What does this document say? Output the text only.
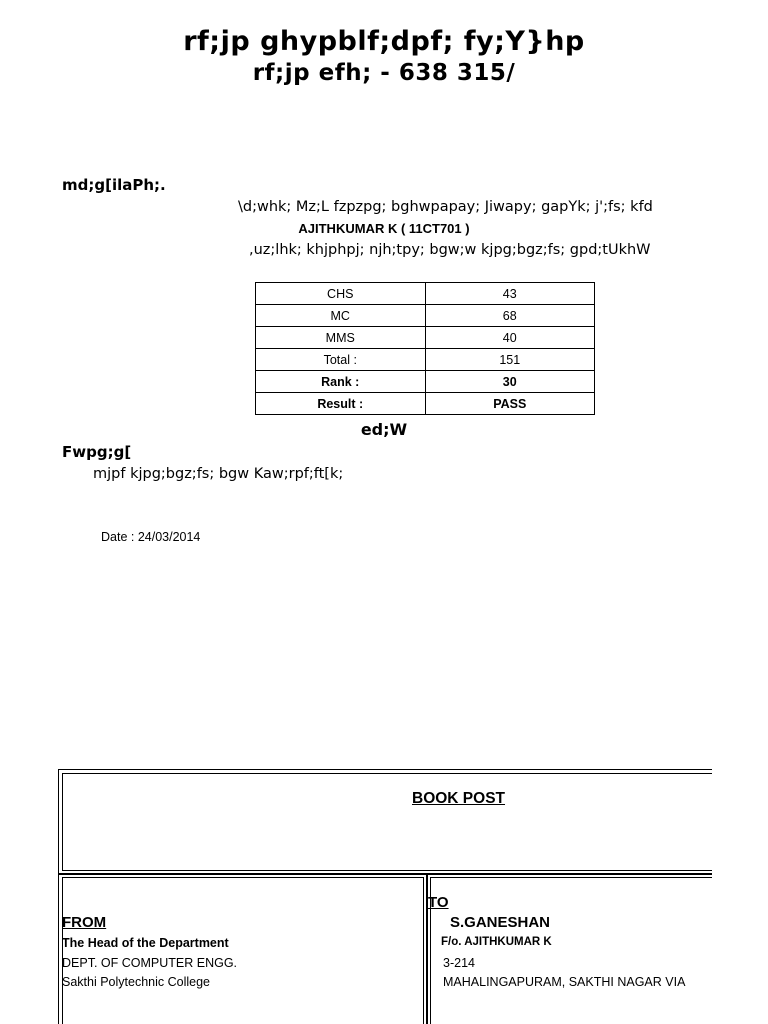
rf;jp ghypblf;dpf; fy;Y}hp
rf;jp efh; - 638 315/
md;g[ilaPh;.
\d;whk; Mz;L fzpzpg; bghwpapay; Jiwapy; gapYk; j';fs; kfd
AJITHKUMAR K ( 11CT701 )
,uz;lhk; khjphpj; njh;tpy; bgw;w kjpg;bgz;fs; gpd;tUkhW
CHS	43
MC	68
MMS	40
Total :	151
Rank :	30
Result :	PASS
ed;W
Fwpg;g[
mjpf kjpg;bgz;fs; bgw Kaw;rpf;ft[k;
Date : 24/03/2014
BOOK POST
TO
FROM	S.GANESHAN
The Head of the Department
DEPT. OF COMPUTER ENGG.
Sakthi Polytechnic College
F/o. AJITHKUMAR K
3-214
MAHALINGAPURAM, SAKTHI NAGAR VIA
